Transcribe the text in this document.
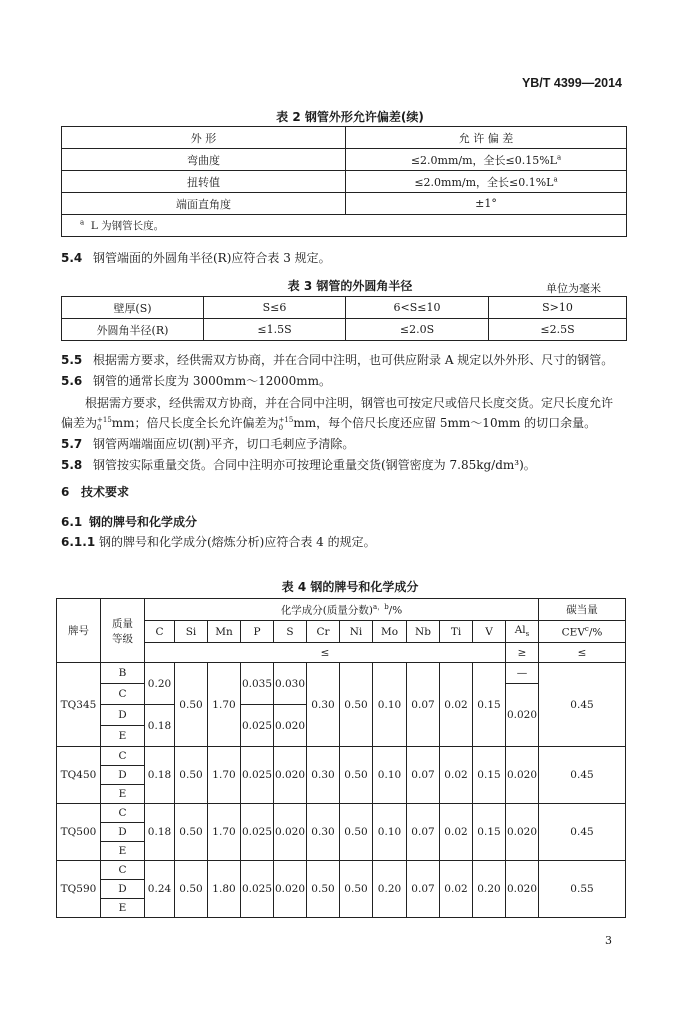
YB/T 4399—2014
表 2 钢管外形允许偏差(续)
外 形	允 许 偏 差
弯曲度	≤2.0mm/m，全长$\le 0.15\%L^a$
扭转值	≤2.0mm/m，全长$\le 0.1\%L^a$
端面直角度	±1°
$^a$ L 为钢管长度。	
5.4 钢管端面的外圆角半径(R)应符合表 3 规定。
表 3 钢管的外圆角半径	单位为毫米
壁厚(S)	S≤6	6<S≤10	S>10
外圆角半径(R)	≤1.5S	≤2.0S	≤2.5S
5.5 根据需方要求，经供需双方协商，并在合同中注明，也可供应附录 A 规定以外外形、尺寸的钢管。
5.6 钢管的通常长度为 3000mm～12000mm。
根据需方要求，经供需双方协商，并在合同中注明，钢管也可按定尺或倍尺长度交货。定尺长度允许
偏差为 +15
0 mm；倍尺长度全长允许偏差为 +15
0 mm，每个倍尺长度还应留 5mm～10mm 的切口余量。
5.7 钢管两端端面应切(割)平齐，切口毛刺应予清除。
5.8 钢管按实际重量交货。合同中注明亦可按理论重量交货(钢管密度为 7.85kg/dm³)。
6 技术要求
6.1 钢的牌号和化学成分
6.1.1 钢的牌号和化学成分(熔炼分析)应符合表 4 的规定。
表 4 钢的牌号和化学成分
牌号	质量等级	化学成分(质量分数)$^{a,b}$/%												碳当量
		C	Si	Mn	P	S	Cr	Ni	Mo	Nb	Ti	V	$Al_s$	CEV$^c$/%
		≤											≥	≤
TQ345	B	0.20	0.50	1.70	0.035	0.030	0.30	0.50	0.10	0.07	0.02	0.15	—	0.45
	C												0.020	
	D	0.18			0.025	0.020								
	E													
TQ450	C	0.18	0.50	1.70	0.025	0.020	0.30	0.50	0.10	0.07	0.02	0.15	0.020	0.45
	D													
	E													
TQ500	C	0.18	0.50	1.70	0.025	0.020	0.30	0.50	0.10	0.07	0.02	0.15	0.020	0.45
	D													
	E													
TQ590	C	0.24	0.50	1.80	0.025	0.020	0.50	0.50	0.20	0.07	0.02	0.20	0.020	0.55
	D													
	E													
3
